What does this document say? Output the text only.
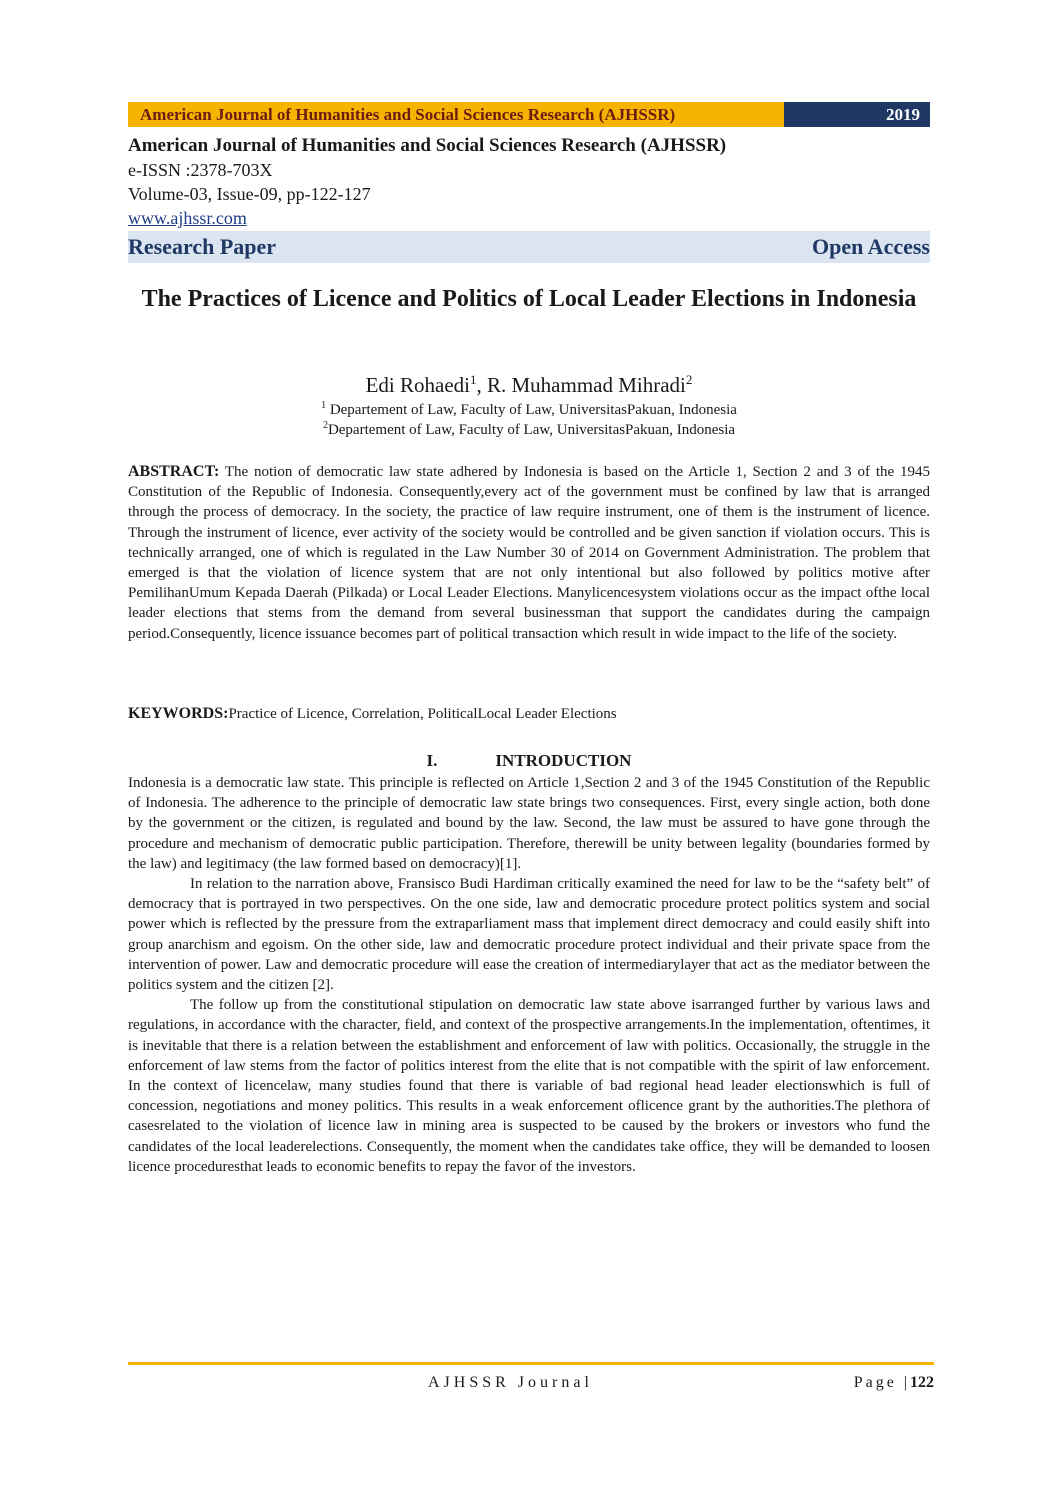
American Journal of Humanities and Social Sciences Research (AJHSSR)	2019
American Journal of Humanities and Social Sciences Research (AJHSSR)
e-ISSN :2378-703X
Volume-03, Issue-09, pp-122-127
www.ajhssr.com
Research Paper	Open Access
The Practices of Licence and Politics of Local Leader Elections in Indonesia
Edi Rohaedi$^1$, R. Muhammad Mihradi$^2$
$^1$ Departement of Law, Faculty of Law, UniversitasPakuan, Indonesia
$^2$Departement of Law, Faculty of Law, UniversitasPakuan, Indonesia

ABSTRACT: The notion of democratic law state adhered by Indonesia is based on the Article 1, Section 2 and 3 of the 1945 Constitution of the Republic of Indonesia. Consequently,every act of the government must be confined by law that is arranged through the process of democracy. In the society, the practice of law require instrument, one of them is the instrument of licence. Through the instrument of licence, ever activity of the society would be controlled and be given sanction if violation occurs. This is technically arranged, one of which is regulated in the Law Number 30 of 2014 on Government Administration. The problem that emerged is that the violation of licence system that are not only intentional but also followed by politics motive after PemilihanUmum Kepada Daerah (Pilkada) or Local Leader Elections. Manylicencesystem violations occur as the impact ofthe local leader elections that stems from the demand from several businessman that support the candidates during the campaign period.Consequently, licence issuance becomes part of political transaction which result in wide impact to the life of the society.

KEYWORDS:Practice of Licence, Correlation, PoliticalLocal Leader Elections

I.	INTRODUCTION

Indonesia is a democratic law state. This principle is reflected on Article 1,Section 2 and 3 of the 1945 Constitution of the Republic of Indonesia. The adherence to the principle of democratic law state brings two consequences. First, every single action, both done by the government or the citizen, is regulated and bound by the law. Second, the law must be assured to have gone through the procedure and mechanism of democratic public participation. Therefore, therewill be unity between legality (boundaries formed by the law) and legitimacy (the law formed based on democracy)[1].

In relation to the narration above, Fransisco Budi Hardiman critically examined the need for law to be the “safety belt” of democracy that is portrayed in two perspectives. On the one side, law and democratic procedure protect politics system and social power which is reflected by the pressure from the extraparliament mass that implement direct democracy and could easily shift into group anarchism and egoism. On the other side, law and democratic procedure protect individual and their private space from the intervention of power. Law and democratic procedure will ease the creation of intermediarylayer that act as the mediator between the politics system and the citizen [2].

The follow up from the constitutional stipulation on democratic law state above isarranged further by various laws and regulations, in accordance with the character, field, and context of the prospective arrangements.In the implementation, oftentimes, it is inevitable that there is a relation between the establishment and enforcement of law with politics. Occasionally, the struggle in the enforcement of law stems from the factor of politics interest from the elite that is not compatible with the spirit of law enforcement. In the context of licencelaw, many studies found that there is variable of bad regional head leader electionswhich is full of concession, negotiations and money politics. This results in a weak enforcement oflicence grant by the authorities.The plethora of casesrelated to the violation of licence law in mining area is suspected to be caused by the brokers or investors who fund the candidates of the local leaderelections. Consequently, the moment when the candidates take office, they will be demanded to loosen licence proceduresthat leads to economic benefits to repay the favor of the investors.

AJHSSR Journal	Page |122
